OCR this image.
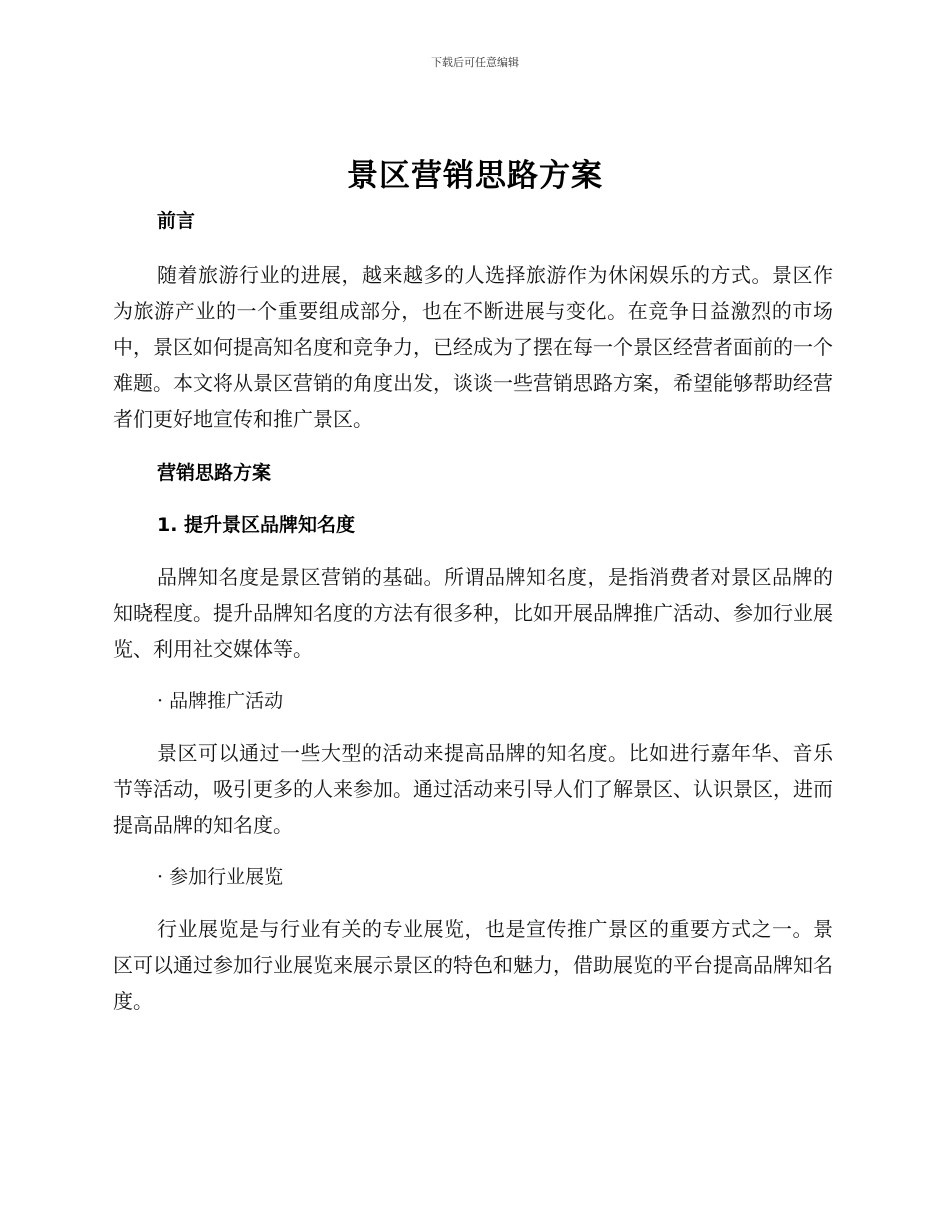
下载后可任意编辑
景区营销思路方案

前言

随着旅游行业的进展，越来越多的人选择旅游作为休闲娱乐的方式。景区作为旅游产业的一个重要组成部分，也在不断进展与变化。在竞争日益激烈的市场中，景区如何提高知名度和竞争力，已经成为了摆在每一个景区经营者面前的一个难题。本文将从景区营销的角度出发，谈谈一些营销思路方案，希望能够帮助经营者们更好地宣传和推广景区。

营销思路方案

1. 提升景区品牌知名度

品牌知名度是景区营销的基础。所谓品牌知名度，是指消费者对景区品牌的知晓程度。提升品牌知名度的方法有很多种，比如开展品牌推广活动、参加行业展览、利用社交媒体等。

· 品牌推广活动

景区可以通过一些大型的活动来提高品牌的知名度。比如进行嘉年华、音乐节等活动，吸引更多的人来参加。通过活动来引导人们了解景区、认识景区，进而提高品牌的知名度。

· 参加行业展览

行业展览是与行业有关的专业展览，也是宣传推广景区的重要方式之一。景区可以通过参加行业展览来展示景区的特色和魅力，借助展览的平台提高品牌知名度。
